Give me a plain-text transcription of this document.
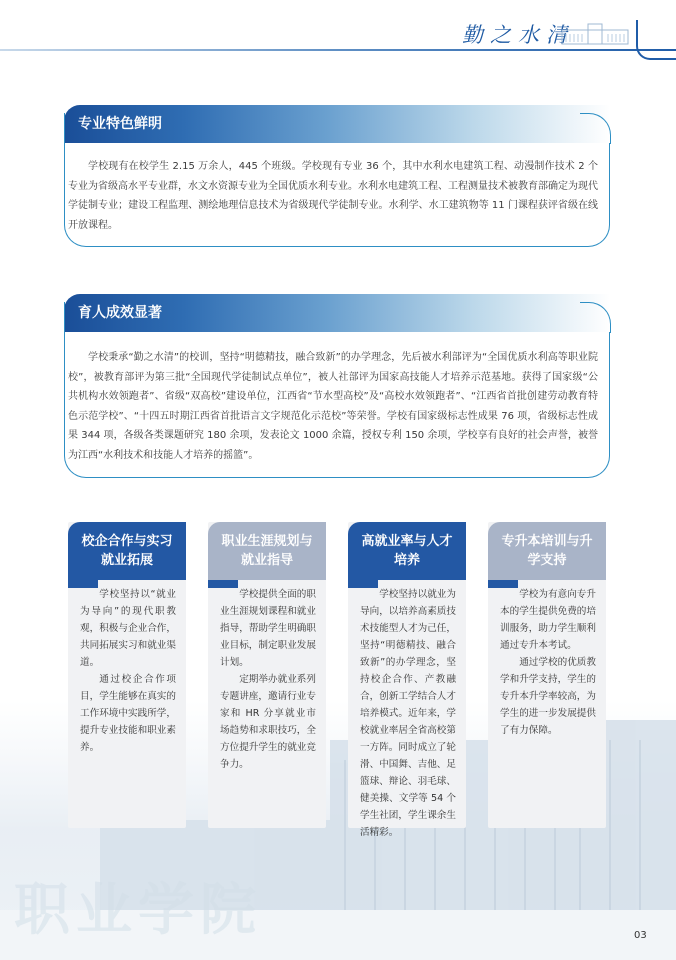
勤之水清
专业特色鲜明

学校现有在校学生 2.15 万余人，445 个班级。学校现有专业 36 个，其中水利水电建筑工程、动漫制作技术 2 个专业为省级高水平专业群，水文水资源专业为全国优质水利专业。水利水电建筑工程、工程测量技术被教育部确定为现代学徒制专业；建设工程监理、测绘地理信息技术为省级现代学徒制专业。水利学、水工建筑物等 11 门课程获评省级在线开放课程。

育人成效显著

学校秉承“勤之水清”的校训，坚持“明德精技，融合致新”的办学理念，先后被水利部评为“全国优质水利高等职业院校”，被教育部评为第三批“全国现代学徒制试点单位”，被人社部评为国家高技能人才培养示范基地。获得了国家级“公共机构水效领跑者”、省级“双高校”建设单位，江西省“节水型高校”及“高校水效领跑者”、“江西省首批创建劳动教育特色示范学校”、“十四五时期江西省首批语言文字规范化示范校”等荣誉。学校有国家级标志性成果 76 项，省级标志性成果 344 项，各级各类课题研究 180 余项，发表论文 1000 余篇，授权专利 150 余项，学校享有良好的社会声誉，被誉为江西“水利技术和技能人才培养的摇篮”。

职业学院
校企合作与实习就业拓展

学校坚持以“就业为导向”的现代职教观，积极与企业合作，共同拓展实习和就业渠道。

通过校企合作项目，学生能够在真实的工作环境中实践所学，提升专业技能和职业素养。

职业生涯规划与就业指导

学校提供全面的职业生涯规划课程和就业指导，帮助学生明确职业目标，制定职业发展计划。

定期举办就业系列专题讲座，邀请行业专家和 HR 分享就业市场趋势和求职技巧，全方位提升学生的就业竞争力。

高就业率与人才培养

学校坚持以就业为导向，以培养高素质技术技能型人才为己任，坚持“明德精技、融合致新”的办学理念，坚持校企合作、产教融合，创新工学结合人才培养模式。近年来，学校就业率居全省高校第一方阵。同时成立了轮滑、中国舞、吉他、足篮球、辩论、羽毛球、健美操、文学等 54 个学生社团，学生课余生活精彩。

专升本培训与升学支持

学校为有意向专升本的学生提供免费的培训服务，助力学生顺利通过专升本考试。

通过学校的优质教学和升学支持，学生的专升本升学率较高，为学生的进一步发展提供了有力保障。

03
